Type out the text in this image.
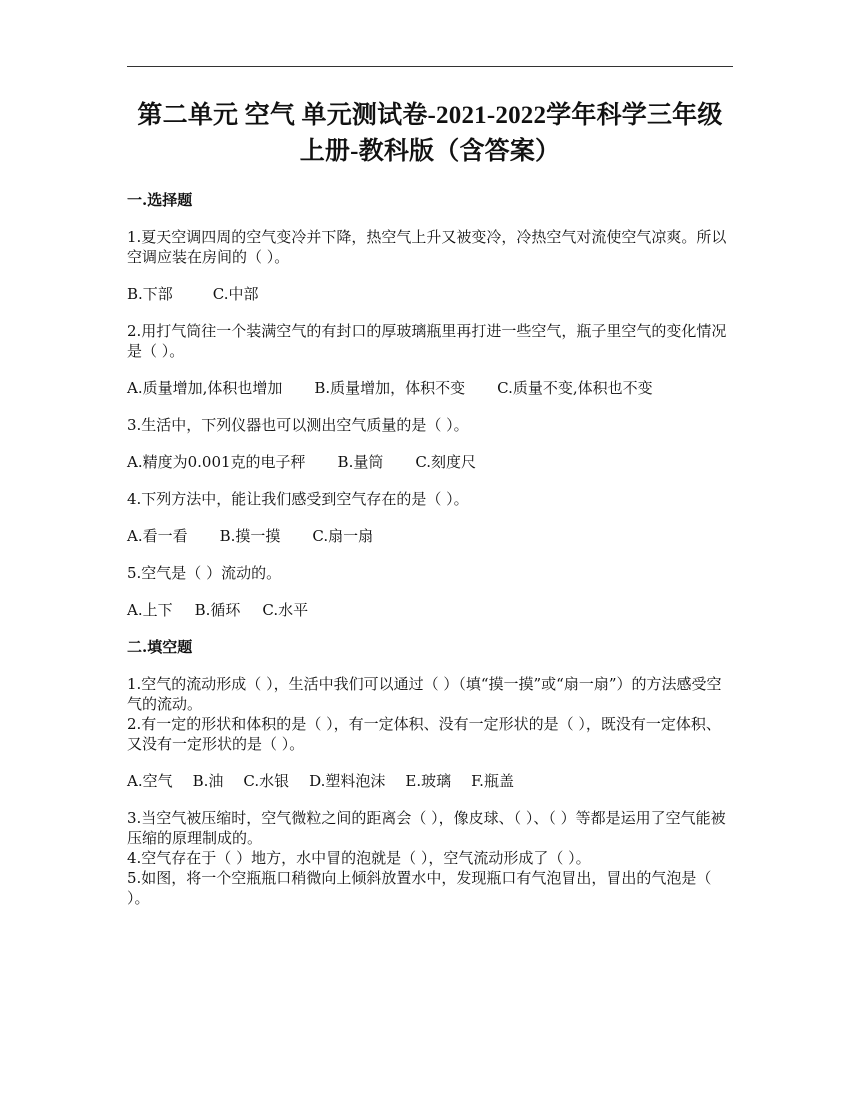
第二单元 空气 单元测试卷-2021-2022学年科学三年级上册-教科版（含答案）
一.选择题

1.夏天空调四周的空气变冷并下降，热空气上升又被变冷，冷热空气对流使空气凉爽。所以空调应装在房间的（ ）。

B.下部	C.中部

2.用打气筒往一个装满空气的有封口的厚玻璃瓶里再打进一些空气，瓶子里空气的变化情况是（ ）。

A.质量增加,体积也增加 B.质量增加，体积不变 C.质量不变,体积也不变

3.生活中，下列仪器也可以测出空气质量的是（ ）。

A.精度为0.001克的电子秤 B.量筒 C.刻度尺

4.下列方法中，能让我们感受到空气存在的是（ ）。

A.看一看 B.摸一摸 C.扇一扇

5.空气是（ ）流动的。

A.上下 B.循环 C.水平
二.填空题

1.空气的流动形成（ ），生活中我们可以通过（ ）（填“摸一摸”或“扇一扇”）的方法感受空气的流动。

2.有一定的形状和体积的是（ ），有一定体积、没有一定形状的是（ ），既没有一定体积、又没有一定形状的是（ ）。

A.空气 B.油 C.水银 D.塑料泡沫 E.玻璃 F.瓶盖

3.当空气被压缩时，空气微粒之间的距离会（ ），像皮球、（ ）、（ ）等都是运用了空气能被压缩的原理制成的。

4.空气存在于（ ）地方，水中冒的泡就是（ ），空气流动形成了（ ）。

5.如图，将一个空瓶瓶口稍微向上倾斜放置水中，发现瓶口有气泡冒出，冒出的气泡是（ ）。
